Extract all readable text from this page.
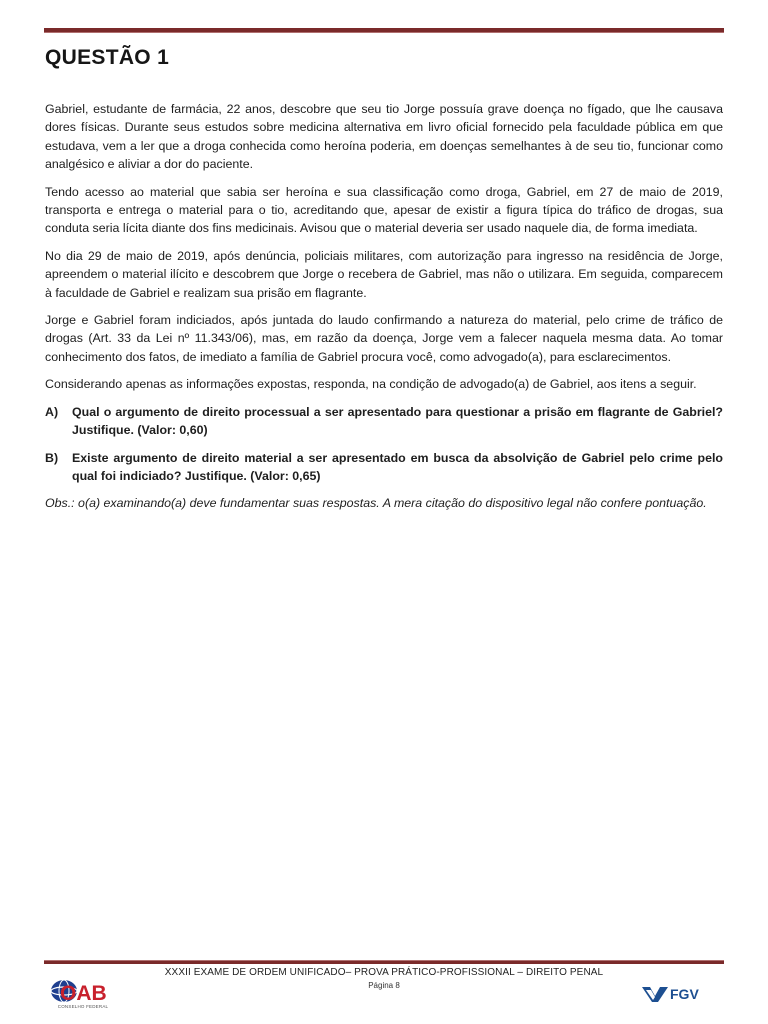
QUESTÃO 1

Gabriel, estudante de farmácia, 22 anos, descobre que seu tio Jorge possuía grave doença no fígado, que lhe causava dores físicas. Durante seus estudos sobre medicina alternativa em livro oficial fornecido pela faculdade pública em que estudava, vem a ler que a droga conhecida como heroína poderia, em doenças semelhantes à de seu tio, funcionar como analgésico e aliviar a dor do paciente.

Tendo acesso ao material que sabia ser heroína e sua classificação como droga, Gabriel, em 27 de maio de 2019, transporta e entrega o material para o tio, acreditando que, apesar de existir a figura típica do tráfico de drogas, sua conduta seria lícita diante dos fins medicinais. Avisou que o material deveria ser usado naquele dia, de forma imediata.

No dia 29 de maio de 2019, após denúncia, policiais militares, com autorização para ingresso na residência de Jorge, apreendem o material ilícito e descobrem que Jorge o recebera de Gabriel, mas não o utilizara. Em seguida, comparecem à faculdade de Gabriel e realizam sua prisão em flagrante.

Jorge e Gabriel foram indiciados, após juntada do laudo confirmando a natureza do material, pelo crime de tráfico de drogas (Art. 33 da Lei nº 11.343/06), mas, em razão da doença, Jorge vem a falecer naquela mesma data. Ao tomar conhecimento dos fatos, de imediato a família de Gabriel procura você, como advogado(a), para esclarecimentos.

Considerando apenas as informações expostas, responda, na condição de advogado(a) de Gabriel, aos itens a seguir.

A)	Qual o argumento de direito processual a ser apresentado para questionar a prisão em flagrante de Gabriel? Justifique. (Valor: 0,60)
B)	Existe argumento de direito material a ser apresentado em busca da absolvição de Gabriel pelo crime pelo qual foi indiciado? Justifique. (Valor: 0,65)

Obs.: o(a) examinando(a) deve fundamentar suas respostas. A mera citação do dispositivo legal não confere pontuação.

XXXII EXAME DE ORDEM UNIFICADO– PROVA PRÁTICO-PROFISSIONAL – DIREITO PENAL
Página 8
OAB
CONSELHO FEDERAL
FGV
